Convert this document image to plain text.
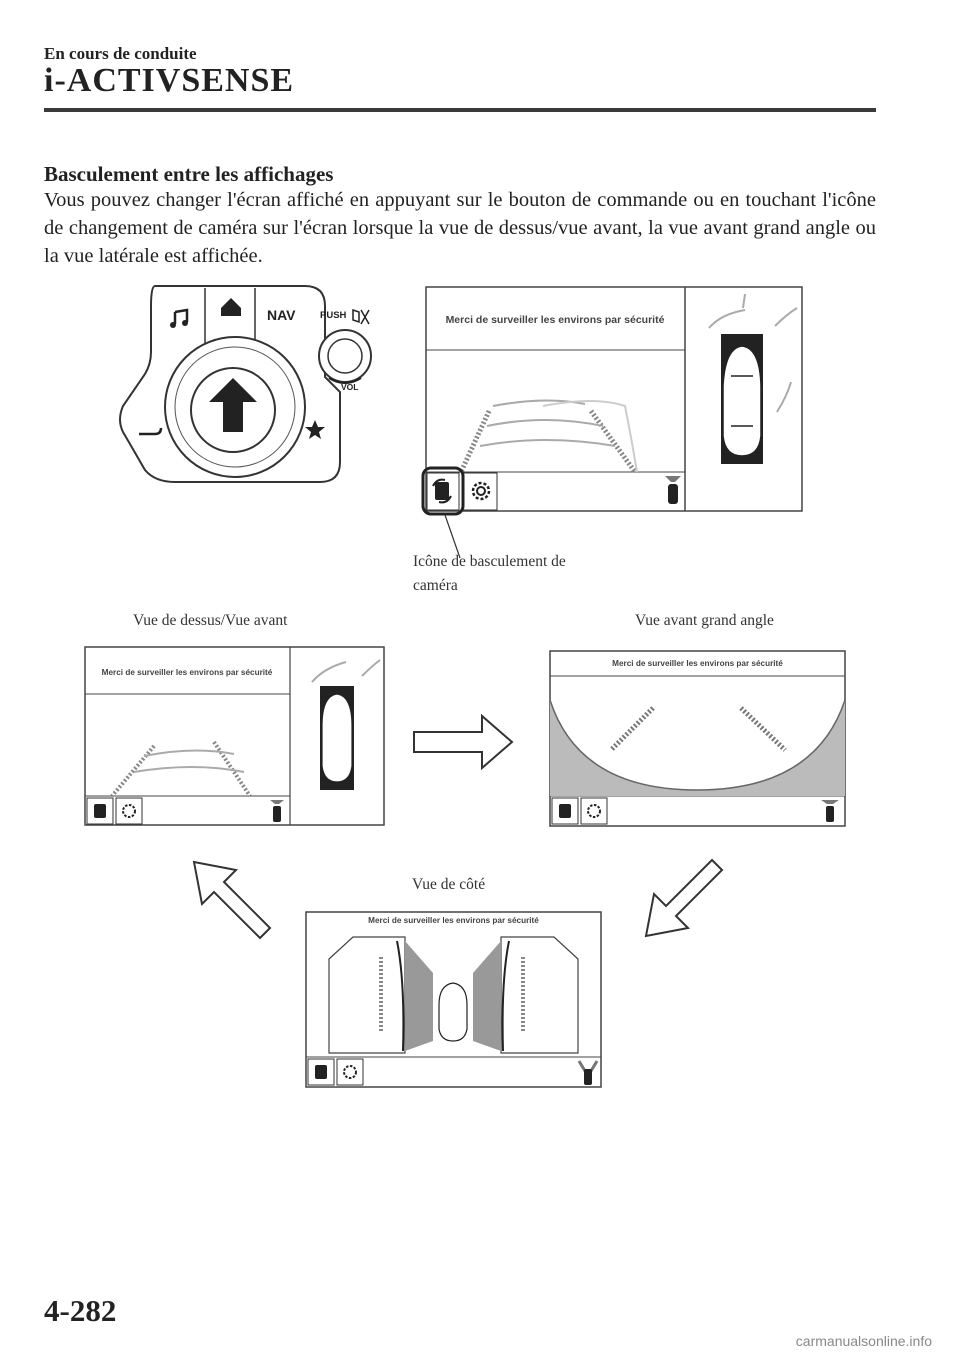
En cours de conduite
i-ACTIVSENSE
Basculement entre les affichages
Vous pouvez changer l'écran affiché en appuyant sur le bouton de commande ou en touchant l'icône de changement de caméra sur l'écran lorsque la vue de dessus/vue avant, la vue avant grand angle ou la vue latérale est affichée.
NAV	PUSH
VOL
Merci de surveiller les environs par sécurité
Icône de basculement de
caméra
Vue de dessus/Vue avant	Vue avant grand angle
Vue de côté
Merci de surveiller les environs par sécurité
Merci de surveiller les environs par sécurité
Merci de surveiller les environs par sécurité
4-282
carmanualsonline.info
